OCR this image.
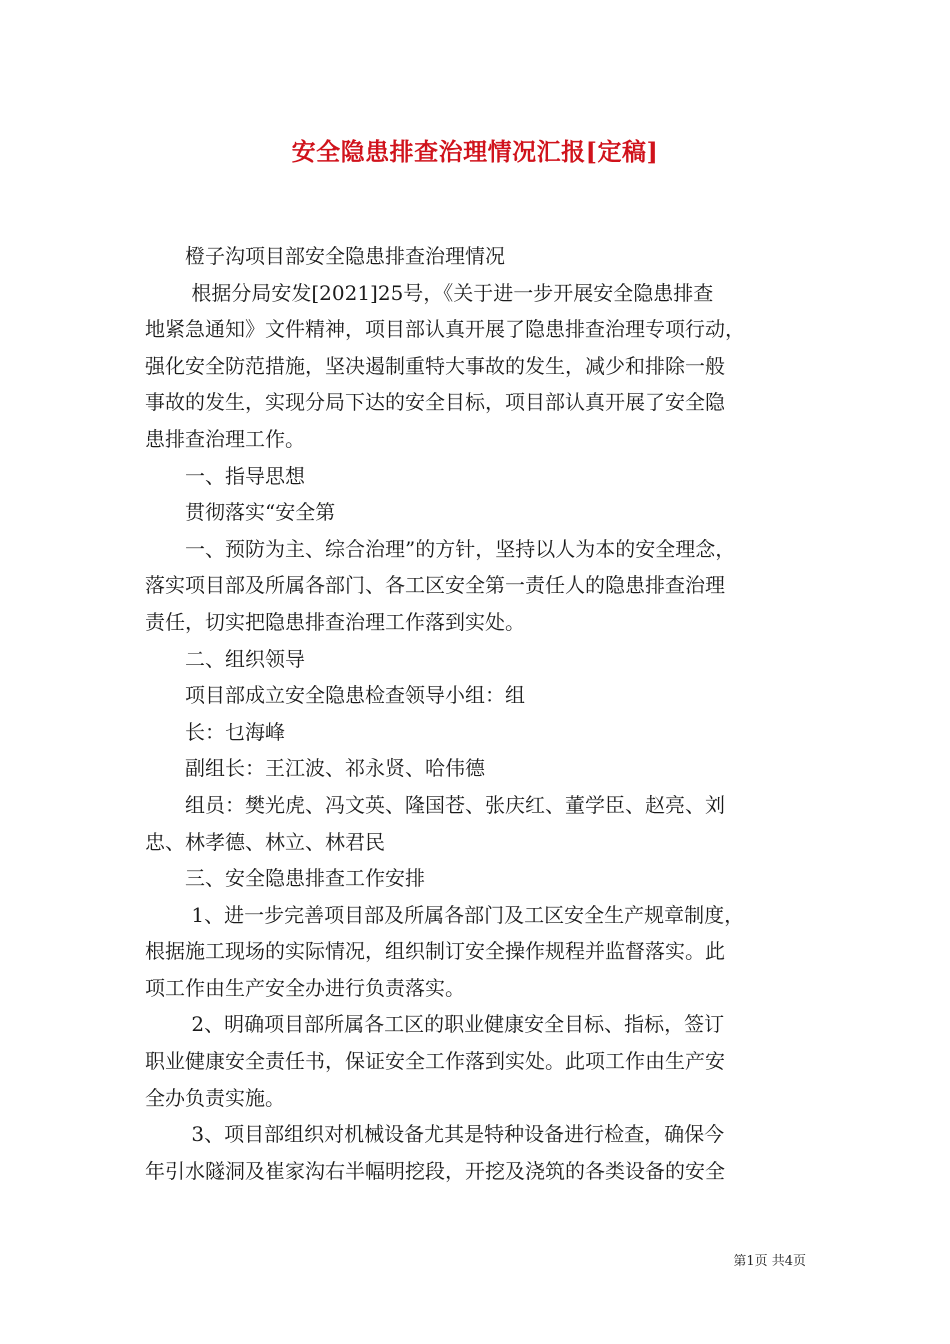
安全隐患排查治理情况汇报[定稿]
　　橙子沟项目部安全隐患排查治理情况
　　 根据分局安发[2021]25号，《关于进一步开展安全隐患排查
地紧急通知》文件精神，项目部认真开展了隐患排查治理专项行动，
强化安全防范措施，坚决遏制重特大事故的发生，减少和排除一般
事故的发生，实现分局下达的安全目标，项目部认真开展了安全隐
患排查治理工作。
　　一、指导思想
　　贯彻落实“安全第
　　一、预防为主、综合治理”的方针，坚持以人为本的安全理念，
落实项目部及所属各部门、各工区安全第一责任人的隐患排查治理
责任，切实把隐患排查治理工作落到实处。
　　二、组织领导
　　项目部成立安全隐患检查领导小组：组
　　长：乜海峰
　　副组长：王江波、祁永贤、哈伟德
　　组员：樊光虎、冯文英、隆国苍、张庆红、董学臣、赵亮、刘
忠、林孝德、林立、林君民
　　三、安全隐患排查工作安排
　　 1、进一步完善项目部及所属各部门及工区安全生产规章制度，
根据施工现场的实际情况，组织制订安全操作规程并监督落实。此
项工作由生产安全办进行负责落实。
　　 2、明确项目部所属各工区的职业健康安全目标、指标，签订
职业健康安全责任书，保证安全工作落到实处。此项工作由生产安
全办负责实施。
　　 3、项目部组织对机械设备尤其是特种设备进行检查，确保今
年引水隧洞及崔家沟右半幅明挖段，开挖及浇筑的各类设备的安全
第1页 共4页
